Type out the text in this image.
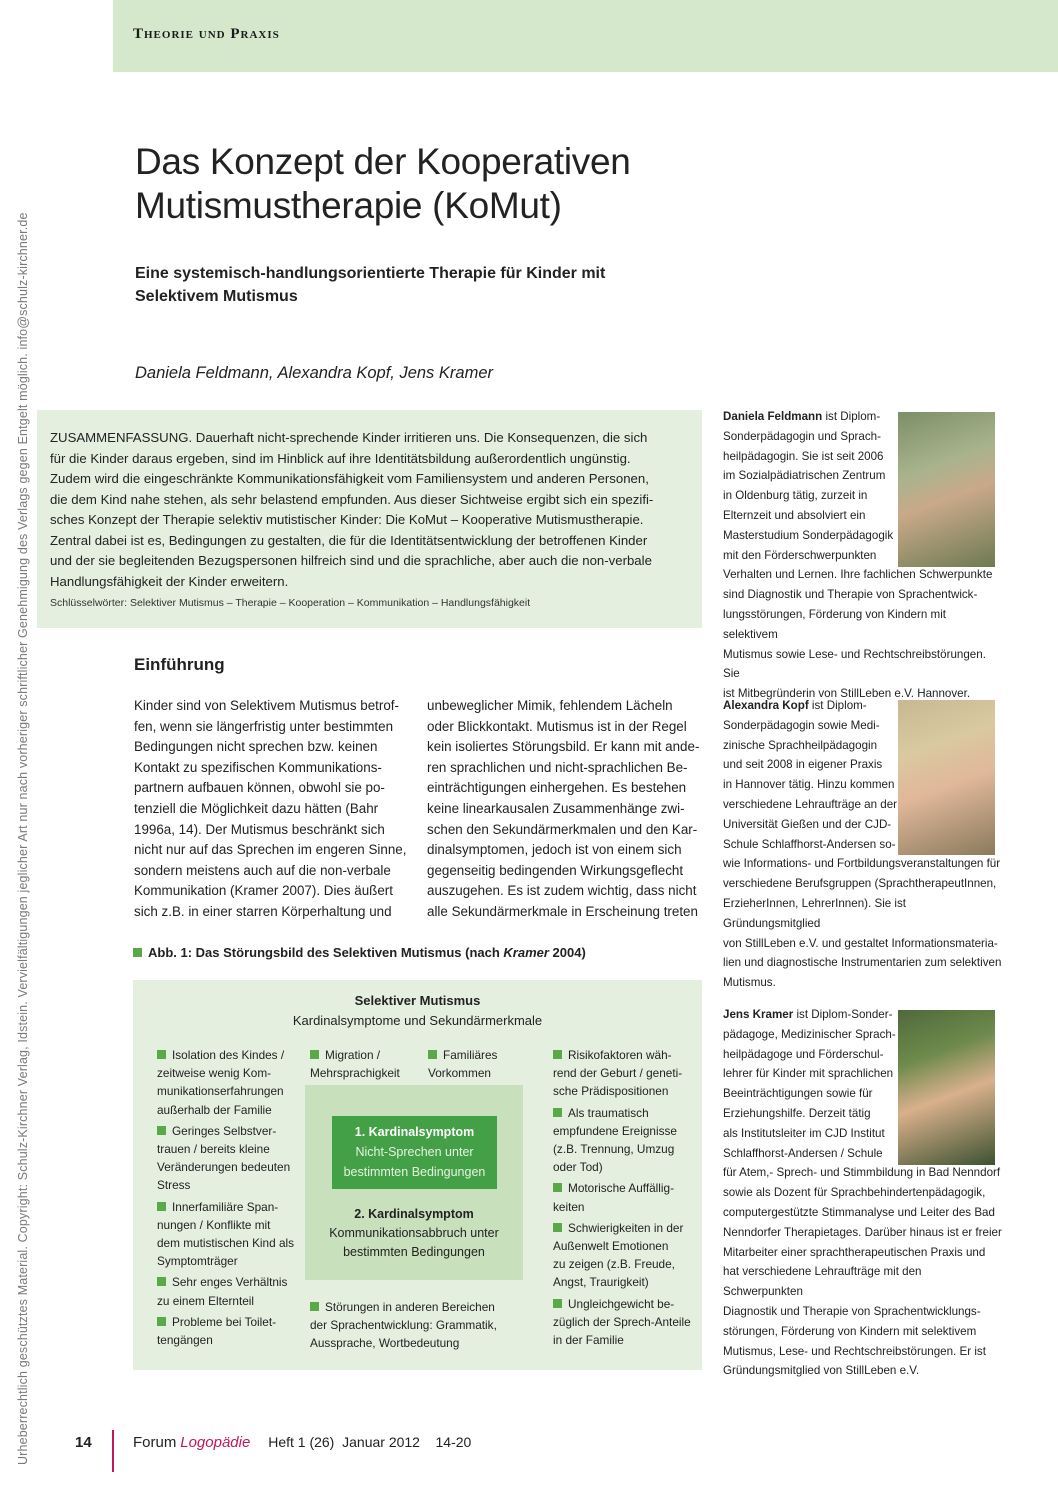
Theorie und Praxis
Urheberrechtlich geschütztes Material. Copyright: Schulz-Kirchner Verlag, Idstein. Vervielfältigungen jeglicher Art nur nach vorheriger schriftlicher Genehmigung des Verlags gegen Entgelt möglich. info@schulz-kirchner.de
Das Konzept der Kooperativen
Mutismustherapie (KoMut)
Eine systemisch-handlungsorientierte Therapie für Kinder mit
Selektivem Mutismus
Daniela Feldmann, Alexandra Kopf, Jens Kramer
ZUSAMMENFASSUNG. Dauerhaft nicht-sprechende Kinder irritieren uns. Die Konsequenzen, die sich
für die Kinder daraus ergeben, sind im Hinblick auf ihre Identitätsbildung außerordentlich ungünstig.
Zudem wird die eingeschränkte Kommunikationsfähigkeit vom Familiensystem und anderen Personen,
die dem Kind nahe stehen, als sehr belastend empfunden. Aus dieser Sichtweise ergibt sich ein spezifi-
sches Konzept der Therapie selektiv mutistischer Kinder: Die KoMut – Kooperative Mutismustherapie.
Zentral dabei ist es, Bedingungen zu gestalten, die für die Identitätsentwicklung der betroffenen Kinder
und der sie begleitenden Bezugspersonen hilfreich sind und die sprachliche, aber auch die non-verbale
Handlungsfähigkeit der Kinder erweitern.
Schlüsselwörter: Selektiver Mutismus – Therapie – Kooperation – Kommunikation – Handlungsfähigkeit
Einführung
Kinder sind von Selektivem Mutismus betrof-
fen, wenn sie längerfristig unter bestimmten
Bedingungen nicht sprechen bzw. keinen
Kontakt zu spezifischen Kommunikations-
partnern aufbauen können, obwohl sie po-
tenziell die Möglichkeit dazu hätten (Bahr
1996a, 14). Der Mutismus beschränkt sich
nicht nur auf das Sprechen im engeren Sinne,
sondern meistens auch auf die non-verbale
Kommunikation (Kramer 2007). Dies äußert
sich z.B. in einer starren Körperhaltung und
unbeweglicher Mimik, fehlendem Lächeln
oder Blickkontakt. Mutismus ist in der Regel
kein isoliertes Störungsbild. Er kann mit ande-
ren sprachlichen und nicht-sprachlichen Be-
einträchtigungen einhergehen. Es bestehen
keine linearkausalen Zusammenhänge zwi-
schen den Sekundärmerkmalen und den Kar-
dinalsymptomen, jedoch ist von einem sich
gegenseitig bedingenden Wirkungsgeflecht
auszugehen. Es ist zudem wichtig, dass nicht
alle Sekundärmerkmale in Erscheinung treten
Abb. 1: Das Störungsbild des Selektiven Mutismus (nach Kramer 2004)
Selektiver Mutismus
Kardinalsymptome und Sekundärmerkmale
Isolation des Kindes /
zeitweise wenig Kom-
munikationserfahrungen
außerhalb der Familie
Geringes Selbstver-
trauen / bereits kleine
Veränderungen bedeuten
Stress
Innerfamiliäre Span-
nungen / Konflikte mit
dem mutistischen Kind als
Symptomträger
Sehr enges Verhältnis
zu einem Elternteil
Probleme bei Toilet-
tengängen
Migration /
Mehrsprachigkeit
Familiäres
Vorkommen
1. Kardinalsymptom
Nicht-Sprechen unter
bestimmten Bedingungen
2. Kardinalsymptom
Kommunikationsabbruch unter
bestimmten Bedingungen
Störungen in anderen Bereichen
der Sprachentwicklung: Grammatik,
Aussprache, Wortbedeutung
Risikofaktoren wäh-
rend der Geburt / geneti-
sche Prädispositionen
Als traumatisch
empfundene Ereignisse
(z.B. Trennung, Umzug
oder Tod)
Motorische Auffällig-
keiten
Schwierigkeiten in der
Außenwelt Emotionen
zu zeigen (z.B. Freude,
Angst, Traurigkeit)
Ungleichgewicht be-
züglich der Sprech-Anteile
in der Familie
Daniela Feldmann ist Diplom-
Sonderpädagogin und Sprach-
heilpädagogin. Sie ist seit 2006
im Sozialpädiatrischen Zentrum
in Oldenburg tätig, zurzeit in
Elternzeit und absolviert ein
Masterstudium Sonderpädagogik
mit den Förderschwerpunkten
Verhalten und Lernen. Ihre fachlichen Schwerpunkte
sind Diagnostik und Therapie von Sprachentwick-
lungsstörungen, Förderung von Kindern mit selektivem
Mutismus sowie Lese- und Rechtschreibstörungen. Sie
ist Mitbegründerin von StillLeben e.V. Hannover.
Alexandra Kopf ist Diplom-
Sonderpädagogin sowie Medi-
zinische Sprachheilpädagogin
und seit 2008 in eigener Praxis
in Hannover tätig. Hinzu kommen
verschiedene Lehraufträge an der
Universität Gießen und der CJD-
Schule Schlaffhorst-Andersen so-
wie Informations- und Fortbildungsveranstaltungen für
verschiedene Berufsgruppen (SprachtherapeutInnen,
ErzieherInnen, LehrerInnen). Sie ist Gründungsmitglied
von StillLeben e.V. und gestaltet Informationsmateria-
lien und diagnostische Instrumentarien zum selektiven
Mutismus.
Jens Kramer ist Diplom-Sonder-
pädagoge, Medizinischer Sprach-
heilpädagoge und Förderschul-
lehrer für Kinder mit sprachlichen
Beeinträchtigungen sowie für
Erziehungshilfe. Derzeit tätig
als Institutsleiter im CJD Institut
Schlaffhorst-Andersen / Schule
für Atem,- Sprech- und Stimmbildung in Bad Nenndorf
sowie als Dozent für Sprachbehindertenpädagogik,
computergestützte Stimmanalyse und Leiter des Bad
Nenndorfer Therapietages. Darüber hinaus ist er freier
Mitarbeiter einer sprachtherapeutischen Praxis und
hat verschiedene Lehraufträge mit den Schwerpunkten
Diagnostik und Therapie von Sprachentwicklungs-
störungen, Förderung von Kindern mit selektivem
Mutismus, Lese- und Rechtschreibstörungen. Er ist
Gründungsmitglied von StillLeben e.V.
14	Forum Logopädie Heft 1 (26)  Januar 2012    14-20
